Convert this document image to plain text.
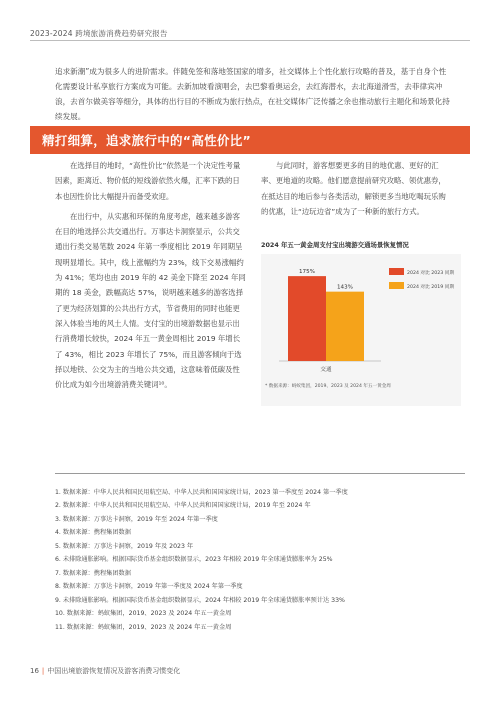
2023-2024 跨境旅游消费趋势研究报告
追求新潮”成为很多人的进阶需求。伴随免签和落地签国家的增多，社交媒体上个性化旅行攻略的普及，基于自身个性化需要设计私享旅行方案成为可能。去新加坡看演唱会，去巴黎看奥运会，去红海潜水，去北海道滑雪，去菲律宾冲浪，去首尔做美容等细分，具体的出行目的不断成为旅行热点，在社交媒体广泛传播之余也推动旅行主题化和场景化持续发展。
精打细算，追求旅行中的“高性价比”

在选择目的地时，“高性价比”依然是一个决定性考量因素，距离近、物价低的短线游依然火爆，汇率下跌的日本也因性价比大幅提升而备受欢迎。

在出行中，从实惠和环保的角度考虑，越来越多游客在目的地选择公共交通出行。万事达卡洞察显示，公共交通出行类交易笔数 2024 年第一季度相比 2019 年同期呈现明显增长。其中，线上涨幅约为 23%，线下交易涨幅约为 41%；笔均也由 2019 年的 42 美金下降至 2024 年同期的 18 美金，跌幅高达 57%，说明越来越多的游客选择了更为经济划算的公共出行方式，节省费用的同时也能更深入体验当地的风土人情。支付宝的出境游数据也显示出行消费增长较快，2024 年五一黄金周相比 2019 年增长了 43%，相比 2023 年增长了 75%，而且游客倾向于选择以地铁、公交为主的当地公共交通，这意味着低碳及性价比成为如今出境游消费关键词¹⁰。

与此同时，游客想要更多的目的地优惠、更好的汇率、更地道的攻略。他们愿意提前研究攻略、领优惠券，在抵达目的地后参与各类活动，解锁更多当地吃喝玩乐购的优惠，让“边玩边省”成为了一种新的旅行方式。

2024 年五一黄金周支付宝出境游交通场景恢复情况
175%	2024 对比 2023 同期
143%	2024 对比 2019 同期
交通
* 数据来源：蚂蚁集团，2019、2023 及 2024 年五一黄金周
1. 数据来源：中华人民共和国民用航空局、中华人民共和国国家统计局，2023 第一季度至 2024 第一季度
2. 数据来源：中华人民共和国民用航空局、中华人民共和国国家统计局，2019 年至 2024 年
3. 数据来源：万事达卡洞察，2019 年至 2024 年第一季度
4. 数据来源：携程集团数据
5. 数据来源：万事达卡洞察，2019 年及 2023 年
6. 未排除通胀影响。根据国际货币基金组织数据显示，2023 年相较 2019 年全球通货膨胀率为 25%
7. 数据来源：携程集团数据
8. 数据来源：万事达卡洞察，2019 年第一季度及 2024 年第一季度
9. 未排除通胀影响。根据国际货币基金组织数据显示，2024 年相较 2019 年全球通货膨胀率预计达 33%
10. 数据来源：蚂蚁集团，2019、2023 及 2024 年五一黄金周
11. 数据来源：蚂蚁集团，2019、2023 及 2024 年五一黄金周
16 | 中国出境旅游恢复情况及游客消费习惯变化
